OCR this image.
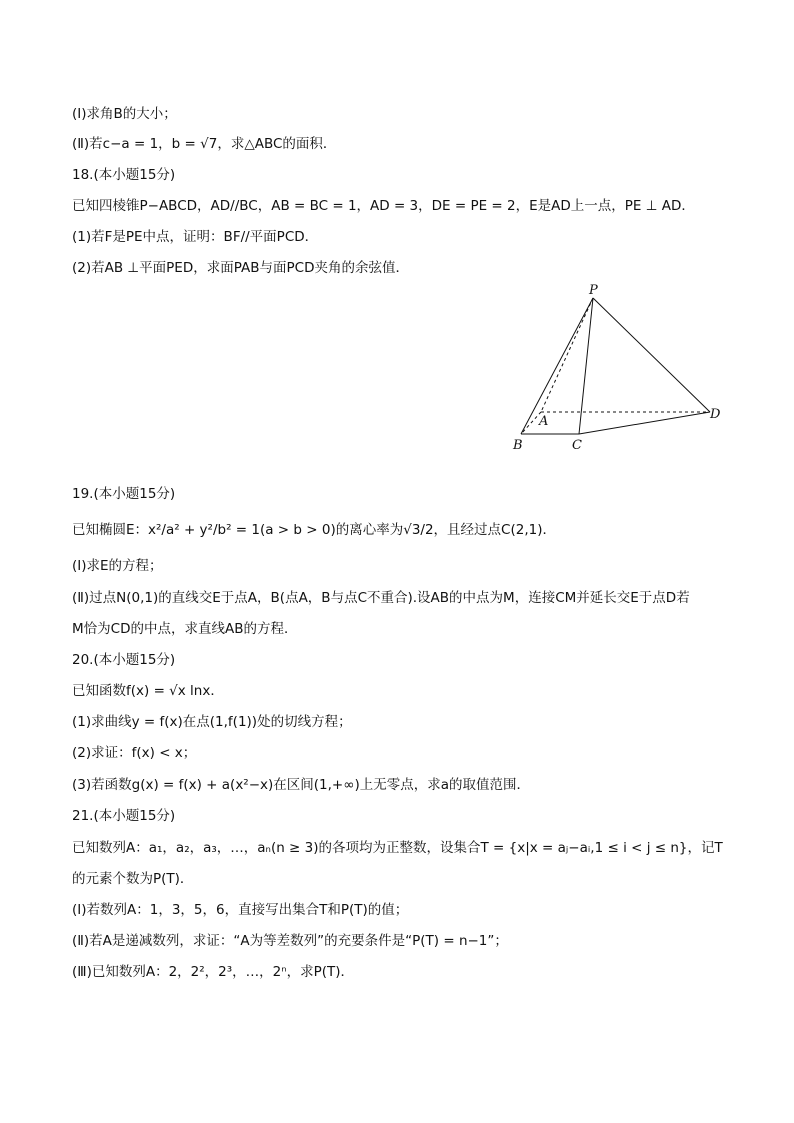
(Ⅰ)求角B的大小；
(Ⅱ)若c−a = 1，b = √7，求△ABC的面积．
18.(本小题15分)
已知四棱锥P−ABCD，AD//BC，AB = BC = 1，AD = 3，DE = PE = 2，E是AD上一点，PE ⊥ AD．
(1)若F是PE中点，证明：BF//平面PCD．
(2)若AB ⊥平面PED，求面PAB与面PCD夹角的余弦值．
19.(本小题15分)
已知椭圆E：x²/a² + y²/b² = 1(a > b > 0)的离心率为√3/2，且经过点C(2,1)．
(Ⅰ)求E的方程；
(Ⅱ)过点N(0,1)的直线交E于点A，B(点A，B与点C不重合).设AB的中点为M，连接CM并延长交E于点D若
M恰为CD的中点，求直线AB的方程．
20.(本小题15分)
已知函数f(x) = √x lnx．
(1)求曲线y = f(x)在点(1,f(1))处的切线方程；
(2)求证：f(x) < x；
(3)若函数g(x) = f(x) + a(x²−x)在区间(1,+∞)上无零点，求a的取值范围．
21.(本小题15分)
已知数列A：a₁，a₂，a₃，…，aₙ(n ≥ 3)的各项均为正整数，设集合T = {x|x = aⱼ−aᵢ,1 ≤ i < j ≤ n}，记T
的元素个数为P(T)．
(Ⅰ)若数列A：1，3，5，6，直接写出集合T和P(T)的值；
(Ⅱ)若A是递减数列，求证：“A为等差数列”的充要条件是“P(T) = n−1”；
(Ⅲ)已知数列A：2，2²，2³，…，2ⁿ，求P(T)．
P
A
B	C
D
